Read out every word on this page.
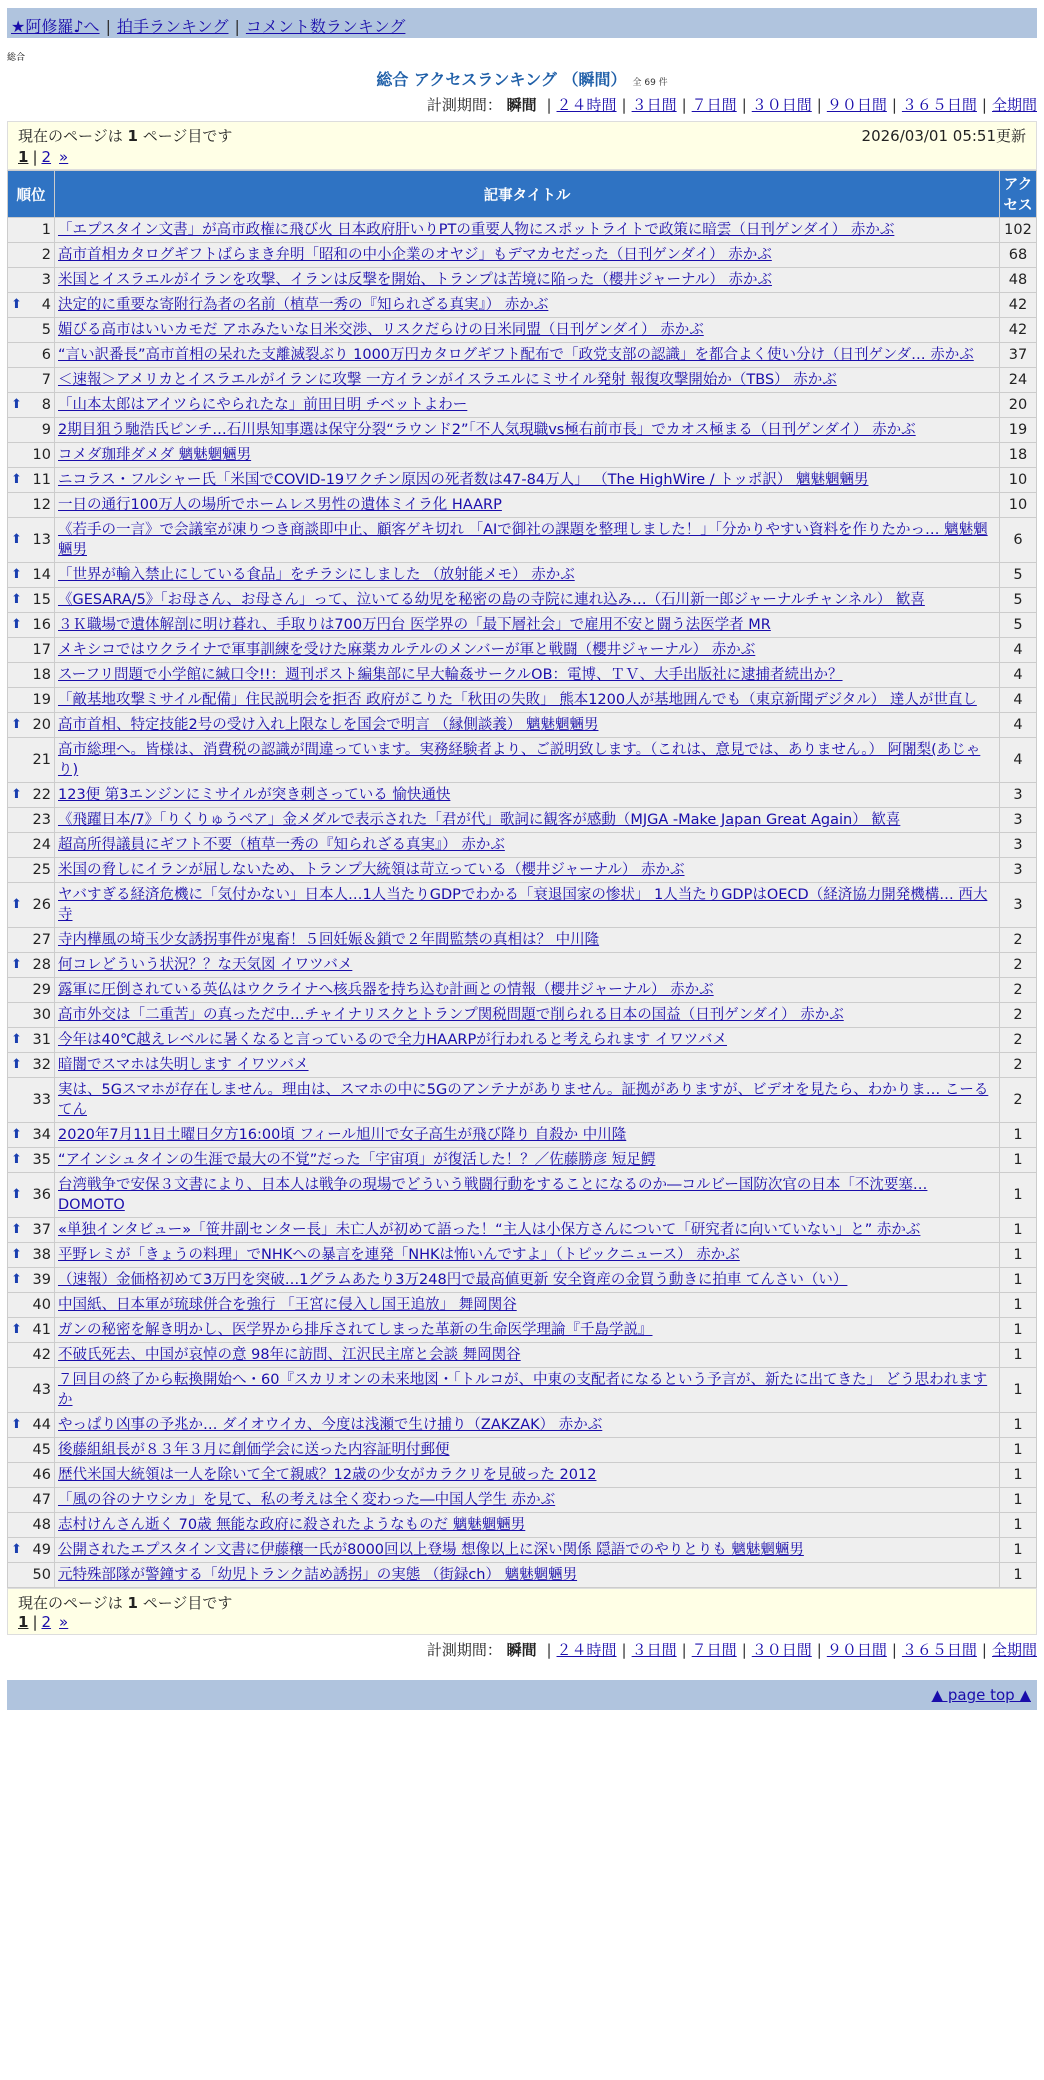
★阿修羅♪へ | 拍手ランキング | コメント数ランキング
総合
総合 アクセスランキング （瞬間） 全 69 件
計測期間： 瞬間 | ２４時間 | ３日間 | ７日間 | ３０日間 | ９０日間 | ３６５日間 | 全期間
現在のページは 1 ページ目です	2026/03/01 05:51更新
1 | 2 »
順位	記事タイトル	アクセス
1	「エプスタイン文書」が高市政権に飛び火 日本政府肝いりPTの重要人物にスポットライトで政策に暗雲（日刊ゲンダイ） 赤かぶ	102
2	高市首相カタログギフトばらまき弁明「昭和の中小企業のオヤジ」もデマカセだった（日刊ゲンダイ） 赤かぶ	68
3	米国とイスラエルがイランを攻撃、イランは反撃を開始、トランプは苦境に陥った（櫻井ジャーナル） 赤かぶ	48

⬆ 4	決定的に重要な寄附行為者の名前（植草一秀の『知られざる真実』） 赤かぶ	42
5	媚びる高市はいいカモだ アホみたいな日米交渉、リスクだらけの日米同盟（日刊ゲンダイ） 赤かぶ	42
6	“言い訳番長”高市首相の呆れた支離滅裂ぶり 1000万円カタログギフト配布で「政党支部の認識」を都合よく使い分け（日刊ゲンダ… 赤かぶ	37
7	＜速報＞アメリカとイスラエルがイランに攻撃 一方イランがイスラエルにミサイル発射 報復攻撃開始か（TBS） 赤かぶ	24

⬆ 8	「山本太郎はアイツらにやられたな」前田日明 チベットよわー	20
9	2期目狙う馳浩氏ピンチ…石川県知事選は保守分裂“ラウンド2”「不人気現職vs極右前市長」でカオス極まる（日刊ゲンダイ） 赤かぶ	19
10	コメダ珈琲ダメダ 魑魅魍魎男	18

⬆ 11	ニコラス・フルシャー氏「米国でCOVID-19ワクチン原因の死者数は47-84万人」 （The HighWire / トッポ訳） 魑魅魍魎男	10
12	一日の通行100万人の場所でホームレス男性の遺体ミイラ化 HAARP	10

⬆ 13	《若手の一言》で会議室が凍りつき商談即中止、顧客ゲキ切れ 「AIで御社の課題を整理しました！」「分かりやすい資料を作りたかっ… 魑魅魍魎男	6

⬆ 14	「世界が輸入禁止にしている食品」をチラシにしました （放射能メモ） 赤かぶ	5

⬆ 15	《GESARA/5》「お母さん、お母さん」って、泣いてる幼児を秘密の島の寺院に連れ込み…（石川新一郎ジャーナルチャンネル） 歓喜	5

⬆ 16	３Ｋ職場で遺体解剖に明け暮れ、手取りは700万円台 医学界の「最下層社会」で雇用不安と闘う法医学者 MR	5
17	メキシコではウクライナで軍事訓練を受けた麻薬カルテルのメンバーが軍と戦闘（櫻井ジャーナル） 赤かぶ	4
18	スーフリ問題で小学館に緘口令!!：週刊ポスト編集部に早大輪姦サークルOB：電博、ＴＶ、大手出版社に逮捕者続出か？	4
19	「敵基地攻撃ミサイル配備」住民説明会を拒否 政府がこりた「秋田の失敗」 熊本1200人が基地囲んでも（東京新聞デジタル） 達人が世直し	4

⬆ 20	高市首相、特定技能2号の受け入れ上限なしを国会で明言 （縁側談義） 魑魅魍魎男	4
21	高市総理へ。皆様は、消費税の認識が間違っています。実務経験者より、ご説明致します。（これは、意見では、ありません。） 阿闍梨(あじゃり)	4

⬆ 22	123便 第3エンジンにミサイルが突き刺さっている 愉快通快	3
23	《飛躍日本/7》「りくりゅうペア」金メダルで表示された「君が代」歌詞に観客が感動（MJGA -Make Japan Great Again） 歓喜	3
24	超高所得議員にギフト不要（植草一秀の『知られざる真実』） 赤かぶ	3
25	米国の脅しにイランが屈しないため、トランプ大統領は苛立っている（櫻井ジャーナル） 赤かぶ	3

⬆ 26	ヤバすぎる経済危機に「気付かない」日本人…1人当たりGDPでわかる「衰退国家の惨状」 1人当たりGDPはOECD（経済協力開発機構… 西大寺	3
27	寺内樺風の埼玉少女誘拐事件が鬼畜！５回妊娠＆鎖で２年間監禁の真相は？ 中川隆	2

⬆ 28	何コレどういう状況？？な天気図 イワツバメ	2
29	露軍に圧倒されている英仏はウクライナへ核兵器を持ち込む計画との情報（櫻井ジャーナル） 赤かぶ	2
30	高市外交は「二重苦」の真っただ中…チャイナリスクとトランプ関税問題で削られる日本の国益（日刊ゲンダイ） 赤かぶ	2

⬆ 31	今年は40℃越えレベルに暑くなると言っているので全力HAARPが行われると考えられます イワツバメ	2

⬆ 32	暗闇でスマホは失明します イワツバメ	2
33	実は、5Gスマホが存在しません。理由は、スマホの中に5Gのアンテナがありません。証拠がありますが、ビデオを見たら、わかりま… こーるてん	2

⬆ 34	2020年7月11日土曜日夕方16:00頃 フィール旭川で女子高生が飛び降り 自殺か 中川隆	1

⬆ 35	“アインシュタインの生涯で最大の不覚”だった「宇宙項」が復活した！？／佐藤勝彦 短足鰐	1

⬆ 36	台湾戦争で安保３文書により、日本人は戦争の現場でどういう戦闘行動をすることになるのか―コルビー国防次官の日本「不沈要塞… DOMOTO	1

⬆ 37	«単独インタビュー»「笹井副センター長」未亡人が初めて語った！“主人は小保方さんについて「研究者に向いていない」と” 赤かぶ	1

⬆ 38	平野レミが「きょうの料理」でNHKへの暴言を連発「NHKは怖いんですよ」（トピックニュース） 赤かぶ	1

⬆ 39	（速報）金価格初めて3万円を突破…1グラムあたり3万248円で最高値更新 安全資産の金買う動きに拍車 てんさい（い）	1
40	中国紙、日本軍が琉球併合を強行 「王宮に侵入し国王追放」 舞岡関谷	1

⬆ 41	ガンの秘密を解き明かし、医学界から排斥されてしまった革新の生命医学理論『千島学説』	1
42	不破氏死去、中国が哀悼の意 98年に訪問、江沢民主席と会談 舞岡関谷	1
43	７回目の終了から転換開始へ・60『スカリオンの未来地図・「トルコが、中東の支配者になるという予言が、新たに出てきた」 どう思われますか	1

⬆ 44	やっぱり凶事の予兆か… ダイオウイカ、今度は浅瀬で生け捕り（ZAKZAK） 赤かぶ	1
45	後藤組組長が８３年３月に創価学会に送った内容証明付郵便	1
46	歴代米国大統領は一人を除いて全て親戚？12歳の少女がカラクリを見破った 2012	1
47	「風の谷のナウシカ」を見て、私の考えは全く変わった―中国人学生 赤かぶ	1
48	志村けんさん逝く 70歳 無能な政府に殺されたようなものだ 魑魅魍魎男	1

⬆ 49	公開されたエプスタイン文書に伊藤穰一氏が8000回以上登場 想像以上に深い関係 隠語でのやりとりも 魑魅魍魎男	1
50	元特殊部隊が警鐘する「幼児トランク詰め誘拐」の実態 （街録ch） 魑魅魍魎男	1
現在のページは 1 ページ目です
1 | 2 »
計測期間： 瞬間 | ２４時間 | ３日間 | ７日間 | ３０日間 | ９０日間 | ３６５日間 | 全期間
▲ page top ▲
